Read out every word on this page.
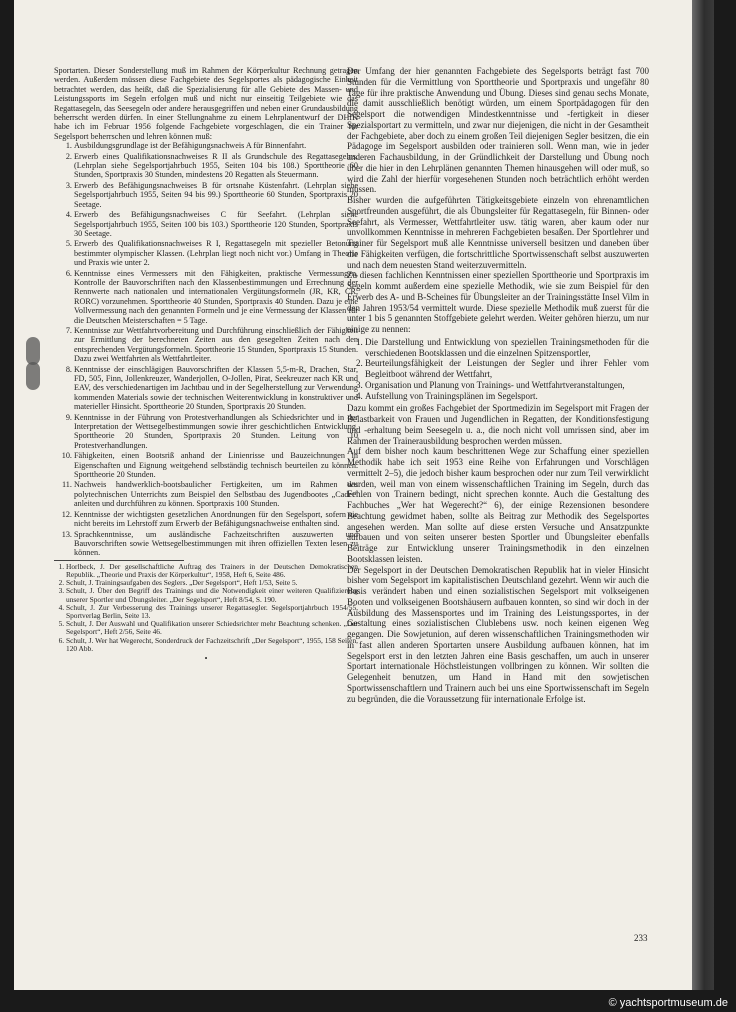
Sportarten. Dieser Sonderstellung muß im Rahmen der Körperkultur Rechnung getragen werden. Außerdem müssen diese Fachgebiete des Segelsportes als pädagogische Einheit betrachtet werden, das heißt, daß die Spezialisierung für alle Gebiete des Massen- und Leistungssports im Segeln erfolgen muß und nicht nur einseitig Teilgebiete wie das Regattasegeln, das Seesegeln oder andere herausgegriffen und neben einer Grundausbildung beherrscht werden dürfen. In einer Stellungnahme zu einem Lehrplanentwurf der DHfK habe ich im Februar 1956 folgende Fachgebiete vorgeschlagen, die ein Trainer für Segelsport beherrschen und lehren können muß:

1. Ausbildungsgrundlage ist der Befähigungsnachweis A für Binnenfahrt.
2. Erwerb eines Qualifikationsnachweises R II als Grundschule des Regattasegelns. (Lehrplan siehe Segelsportjahrbuch 1955, Seiten 104 bis 108.) Sporttheorie 60 Stunden, Sportpraxis 30 Stunden, mindestens 20 Regatten als Steuermann.
3. Erwerb des Befähigungsnachweises B für ortsnahe Küstenfahrt. (Lehrplan siehe Segelsportjahrbuch 1955, Seiten 94 bis 99.) Sporttheorie 60 Stunden, Sportpraxis 20 Seetage.
4. Erwerb des Befähigungsnachweises C für Seefahrt. (Lehrplan siehe Segelsportjahrbuch 1955, Seiten 100 bis 103.) Sporttheorie 120 Stunden, Sportpraxis 30 Seetage.
5. Erwerb des Qualifikationsnachweises R I, Regattasegeln mit spezieller Betonung bestimmter olympischer Klassen. (Lehrplan liegt noch nicht vor.) Umfang in Theorie und Praxis wie unter 2.
6. Kenntnisse eines Vermessers mit den Fähigkeiten, praktische Vermessungen, Kontrolle der Bauvorschriften nach den Klassenbestimmungen und Errechnung der Rennwerte nach nationalen und internationalen Vergütungsformeln (JR, KR, CR, RORC) vorzunehmen. Sporttheorie 40 Stunden, Sportpraxis 40 Stunden. Dazu je eine Vollvermessung nach den genannten Formeln und je eine Vermessung der Klassen für die Deutschen Meisterschaften = 5 Tage.
7. Kenntnisse zur Wettfahrtvorbereitung und Durchführung einschließlich der Fähigkeit zur Ermittlung der berechneten Zeiten aus den gesegelten Zeiten nach den entsprechenden Vergütungsformeln. Sporttheorie 15 Stunden, Sportpraxis 15 Stunden. Dazu zwei Wettfahrten als Wettfahrtleiter.
8. Kenntnisse der einschlägigen Bauvorschriften der Klassen 5,5-m-R, Drachen, Star, FD, 505, Finn, Jollenkreuzer, Wanderjollen, O-Jollen, Pirat, Seekreuzer nach KR und EAV, des verschiedenartigen im Jachtbau und in der Segelherstellung zur Verwendung kommenden Materials sowie der technischen Weiterentwicklung in konstruktiver und materieller Hinsicht. Sporttheorie 20 Stunden, Sportpraxis 20 Stunden.
9. Kenntnisse in der Führung von Protestverhandlungen als Schiedsrichter und in der Interpretation der Wettsegelbestimmungen sowie ihrer geschichtlichen Entwicklung. Sporttheorie 20 Stunden, Sportpraxis 20 Stunden. Leitung von 10 Protestverhandlungen.
10. Fähigkeiten, einen Bootsriß anhand der Linienrisse und Bauzeichnungen in Eigenschaften und Eignung weitgehend selbständig technisch beurteilen zu können. Sporttheorie 20 Stunden.
11. Nachweis handwerklich-bootsbaulicher Fertigkeiten, um im Rahmen des polytechnischen Unterrichts zum Beispiel den Selbstbau des Jugendbootes „Cadet“ anleiten und durchführen zu können. Sportpraxis 100 Stunden.
12. Kenntnisse der wichtigsten gesetzlichen Anordnungen für den Segelsport, sofern sie nicht bereits im Lehrstoff zum Erwerb der Befähigungsnachweise enthalten sind.
13. Sprachkenntnisse, um ausländische Fachzeitschriften auszuwerten und Bauvorschriften sowie Wettsegelbestimmungen mit ihren offiziellen Texten lesen zu können.
1. Horlbeck, J. Der gesellschaftliche Auftrag des Trainers in der Deutschen Demokratischen Republik. „Theorie und Praxis der Körperkultur“, 1958, Heft 6, Seite 486.
2. Schult, J. Trainingsaufgaben des Seglers. „Der Segelsport“, Heft 1/53, Seite 5.
3. Schult, J. Über den Begriff des Trainings und die Notwendigkeit einer weiteren Qualifizierung unserer Sportler und Übungsleiter. „Der Segelsport“, Heft 8/54, S. 190.
4. Schult, J. Zur Verbesserung des Trainings unserer Regattasegler. Segelsportjahrbuch 1954/55, Sportverlag Berlin, Seite 13.
5. Schult, J. Der Auswahl und Qualifikation unserer Schiedsrichter mehr Beachtung schenken. „Der Segelsport“, Heft 2/56, Seite 46.
6. Schult, J. Wer hat Wegerecht, Sonderdruck der Fachzeitschrift „Der Segelsport“, 1955, 158 Seiten, 120 Abb.
•

Der Umfang der hier genannten Fachgebiete des Segelsports beträgt fast 700 Stunden für die Vermittlung von Sporttheorie und Sportpraxis und ungefähr 80 Tage für ihre praktische Anwendung und Übung. Dieses sind genau sechs Monate, die damit ausschließlich benötigt würden, um einem Sportpädagogen für den Segelsport die notwendigen Mindestkenntnisse und -fertigkeit in dieser Spezialsportart zu vermitteln, und zwar nur diejenigen, die nicht in der Gesamtheit der Fachgebiete, aber doch zu einem großen Teil diejenigen Segler besitzen, die ein Pädagoge im Segelsport ausbilden oder trainieren soll. Wenn man, wie in jeder anderen Fachausbildung, in der Gründlichkeit der Darstellung und Übung noch über die hier in den Lehrplänen genannten Themen hinausgehen will oder muß, so wird die Zahl der hierfür vorgesehenen Stunden noch beträchtlich erhöht werden müssen.

Bisher wurden die aufgeführten Tätigkeitsgebiete einzeln von ehrenamtlichen Sportfreunden ausgeführt, die als Übungsleiter für Regattasegeln, für Binnen- oder Seefahrt, als Vermesser, Wettfahrtleiter usw. tätig waren, aber kaum oder nur unvollkommen Kenntnisse in mehreren Fachgebieten besaßen. Der Sportlehrer und Trainer für Segelsport muß alle Kenntnisse universell besitzen und daneben über die Fähigkeiten verfügen, die fortschrittliche Sportwissenschaft selbst auszuwerten und nach dem neuesten Stand weiterzuvermitteln.

Zu diesen fachlichen Kenntnissen einer speziellen Sporttheorie und Sportpraxis im Segeln kommt außerdem eine spezielle Methodik, wie sie zum Beispiel für den Erwerb des A- und B-Scheines für Übungsleiter an der Trainingsstätte Insel Vilm in den Jahren 1953/54 vermittelt wurde. Diese spezielle Methodik muß zuerst für die unter 1 bis 5 genannten Stoffgebiete gelehrt werden. Weiter gehören hierzu, um nur einige zu nennen:

1. Die Darstellung und Entwicklung von speziellen Trainingsmethoden für die verschiedenen Bootsklassen und die einzelnen Spitzensportler,
2. Beurteilungsfähigkeit der Leistungen der Segler und ihrer Fehler vom Begleitboot während der Wettfahrt,
3. Organisation und Planung von Trainings- und Wettfahrtveranstaltungen,
4. Aufstellung von Trainingsplänen im Segelsport.

Dazu kommt ein großes Fachgebiet der Sportmedizin im Segelsport mit Fragen der Belastbarkeit von Frauen und Jugendlichen in Regatten, der Konditionsfestigung und -erhaltung beim Seesegeln u. a., die noch nicht voll umrissen sind, aber im Rahmen der Trainerausbildung besprochen werden müssen.

Auf dem bisher noch kaum beschrittenen Wege zur Schaffung einer speziellen Methodik habe ich seit 1953 eine Reihe von Erfahrungen und Vorschlägen vermittelt 2–5), die jedoch bisher kaum besprochen oder nur zum Teil verwirklicht wurden, weil man von einem wissenschaftlichen Training im Segeln, durch das Fehlen von Trainern bedingt, nicht sprechen konnte. Auch die Gestaltung des Fachbuches „Wer hat Wegerecht?“ 6), der einige Rezensionen besondere Beachtung gewidmet haben, sollte als Beitrag zur Methodik des Segelsportes angesehen werden. Man sollte auf diese ersten Versuche und Ansatzpunkte aufbauen und von seiten unserer besten Sportler und Übungsleiter ebenfalls Beiträge zur Entwicklung unserer Trainingsmethodik in den einzelnen Bootsklassen leisten.

Der Segelsport in der Deutschen Demokratischen Republik hat in vieler Hinsicht bisher vom Segelsport im kapitalistischen Deutschland gezehrt. Wenn wir auch die Basis verändert haben und einen sozialistischen Segelsport mit volkseigenen Booten und volkseigenen Bootshäusern aufbauen konnten, so sind wir doch in der Ausbildung des Massensportes und im Training des Leistungssportes, in der Gestaltung eines sozialistischen Clublebens usw. noch keinen eigenen Weg gegangen. Die Sowjetunion, auf deren wissenschaftlichen Trainingsmethoden wir in fast allen anderen Sportarten unsere Ausbildung aufbauen können, hat im Segelsport erst in den letzten Jahren eine Basis geschaffen, um auch in unserer Sportart internationale Höchstleistungen vollbringen zu können. Wir sollten die Gelegenheit benutzen, um Hand in Hand mit den sowjetischen Sportwissenschaftlern und Trainern auch bei uns eine Sportwissenschaft im Segeln zu begründen, die die Voraussetzung für internationale Erfolge ist.

233
© yachtsportmuseum.de
